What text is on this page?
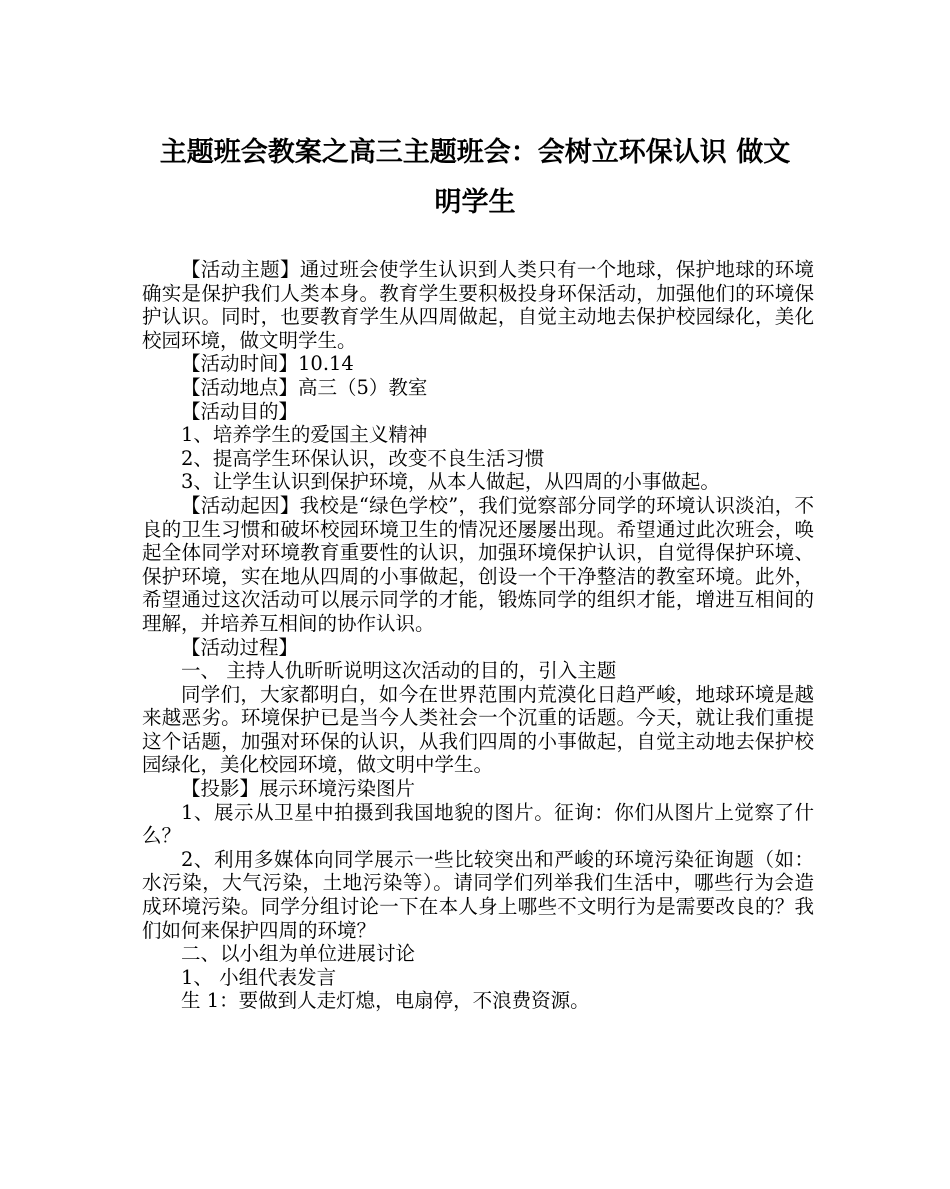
主题班会教案之高三主题班会：会树立环保认识 做文
明学生

【活动主题】通过班会使学生认识到人类只有一个地球，保护地球的环境确实是保护我们人类本身。教育学生要积极投身环保活动，加强他们的环境保护认识。同时，也要教育学生从四周做起，自觉主动地去保护校园绿化，美化校园环境，做文明学生。

【活动时间】10.14

【活动地点】高三（5）教室

【活动目的】

1、培养学生的爱国主义精神

2、提高学生环保认识，改变不良生活习惯

3、让学生认识到保护环境，从本人做起，从四周的小事做起。

【活动起因】我校是“绿色学校”，我们觉察部分同学的环境认识淡泊，不良的卫生习惯和破坏校园环境卫生的情况还屡屡出现。希望通过此次班会，唤起全体同学对环境教育重要性的认识，加强环境保护认识，自觉得保护环境、保护环境，实在地从四周的小事做起，创设一个干净整洁的教室环境。此外，希望通过这次活动可以展示同学的才能，锻炼同学的组织才能，增进互相间的理解，并培养互相间的协作认识。

【活动过程】

一、 主持人仇昕昕说明这次活动的目的，引入主题

同学们，大家都明白，如今在世界范围内荒漠化日趋严峻，地球环境是越来越恶劣。环境保护已是当今人类社会一个沉重的话题。今天，就让我们重提这个话题，加强对环保的认识，从我们四周的小事做起，自觉主动地去保护校园绿化，美化校园环境，做文明中学生。

【投影】展示环境污染图片

1、展示从卫星中拍摄到我国地貌的图片。征询：你们从图片上觉察了什么？

2、利用多媒体向同学展示一些比较突出和严峻的环境污染征询题（如：水污染，大气污染，土地污染等）。请同学们列举我们生活中，哪些行为会造成环境污染。同学分组讨论一下在本人身上哪些不文明行为是需要改良的？我们如何来保护四周的环境？

二、以小组为单位进展讨论

1、 小组代表发言

生 1：要做到人走灯熄，电扇停，不浪费资源。
